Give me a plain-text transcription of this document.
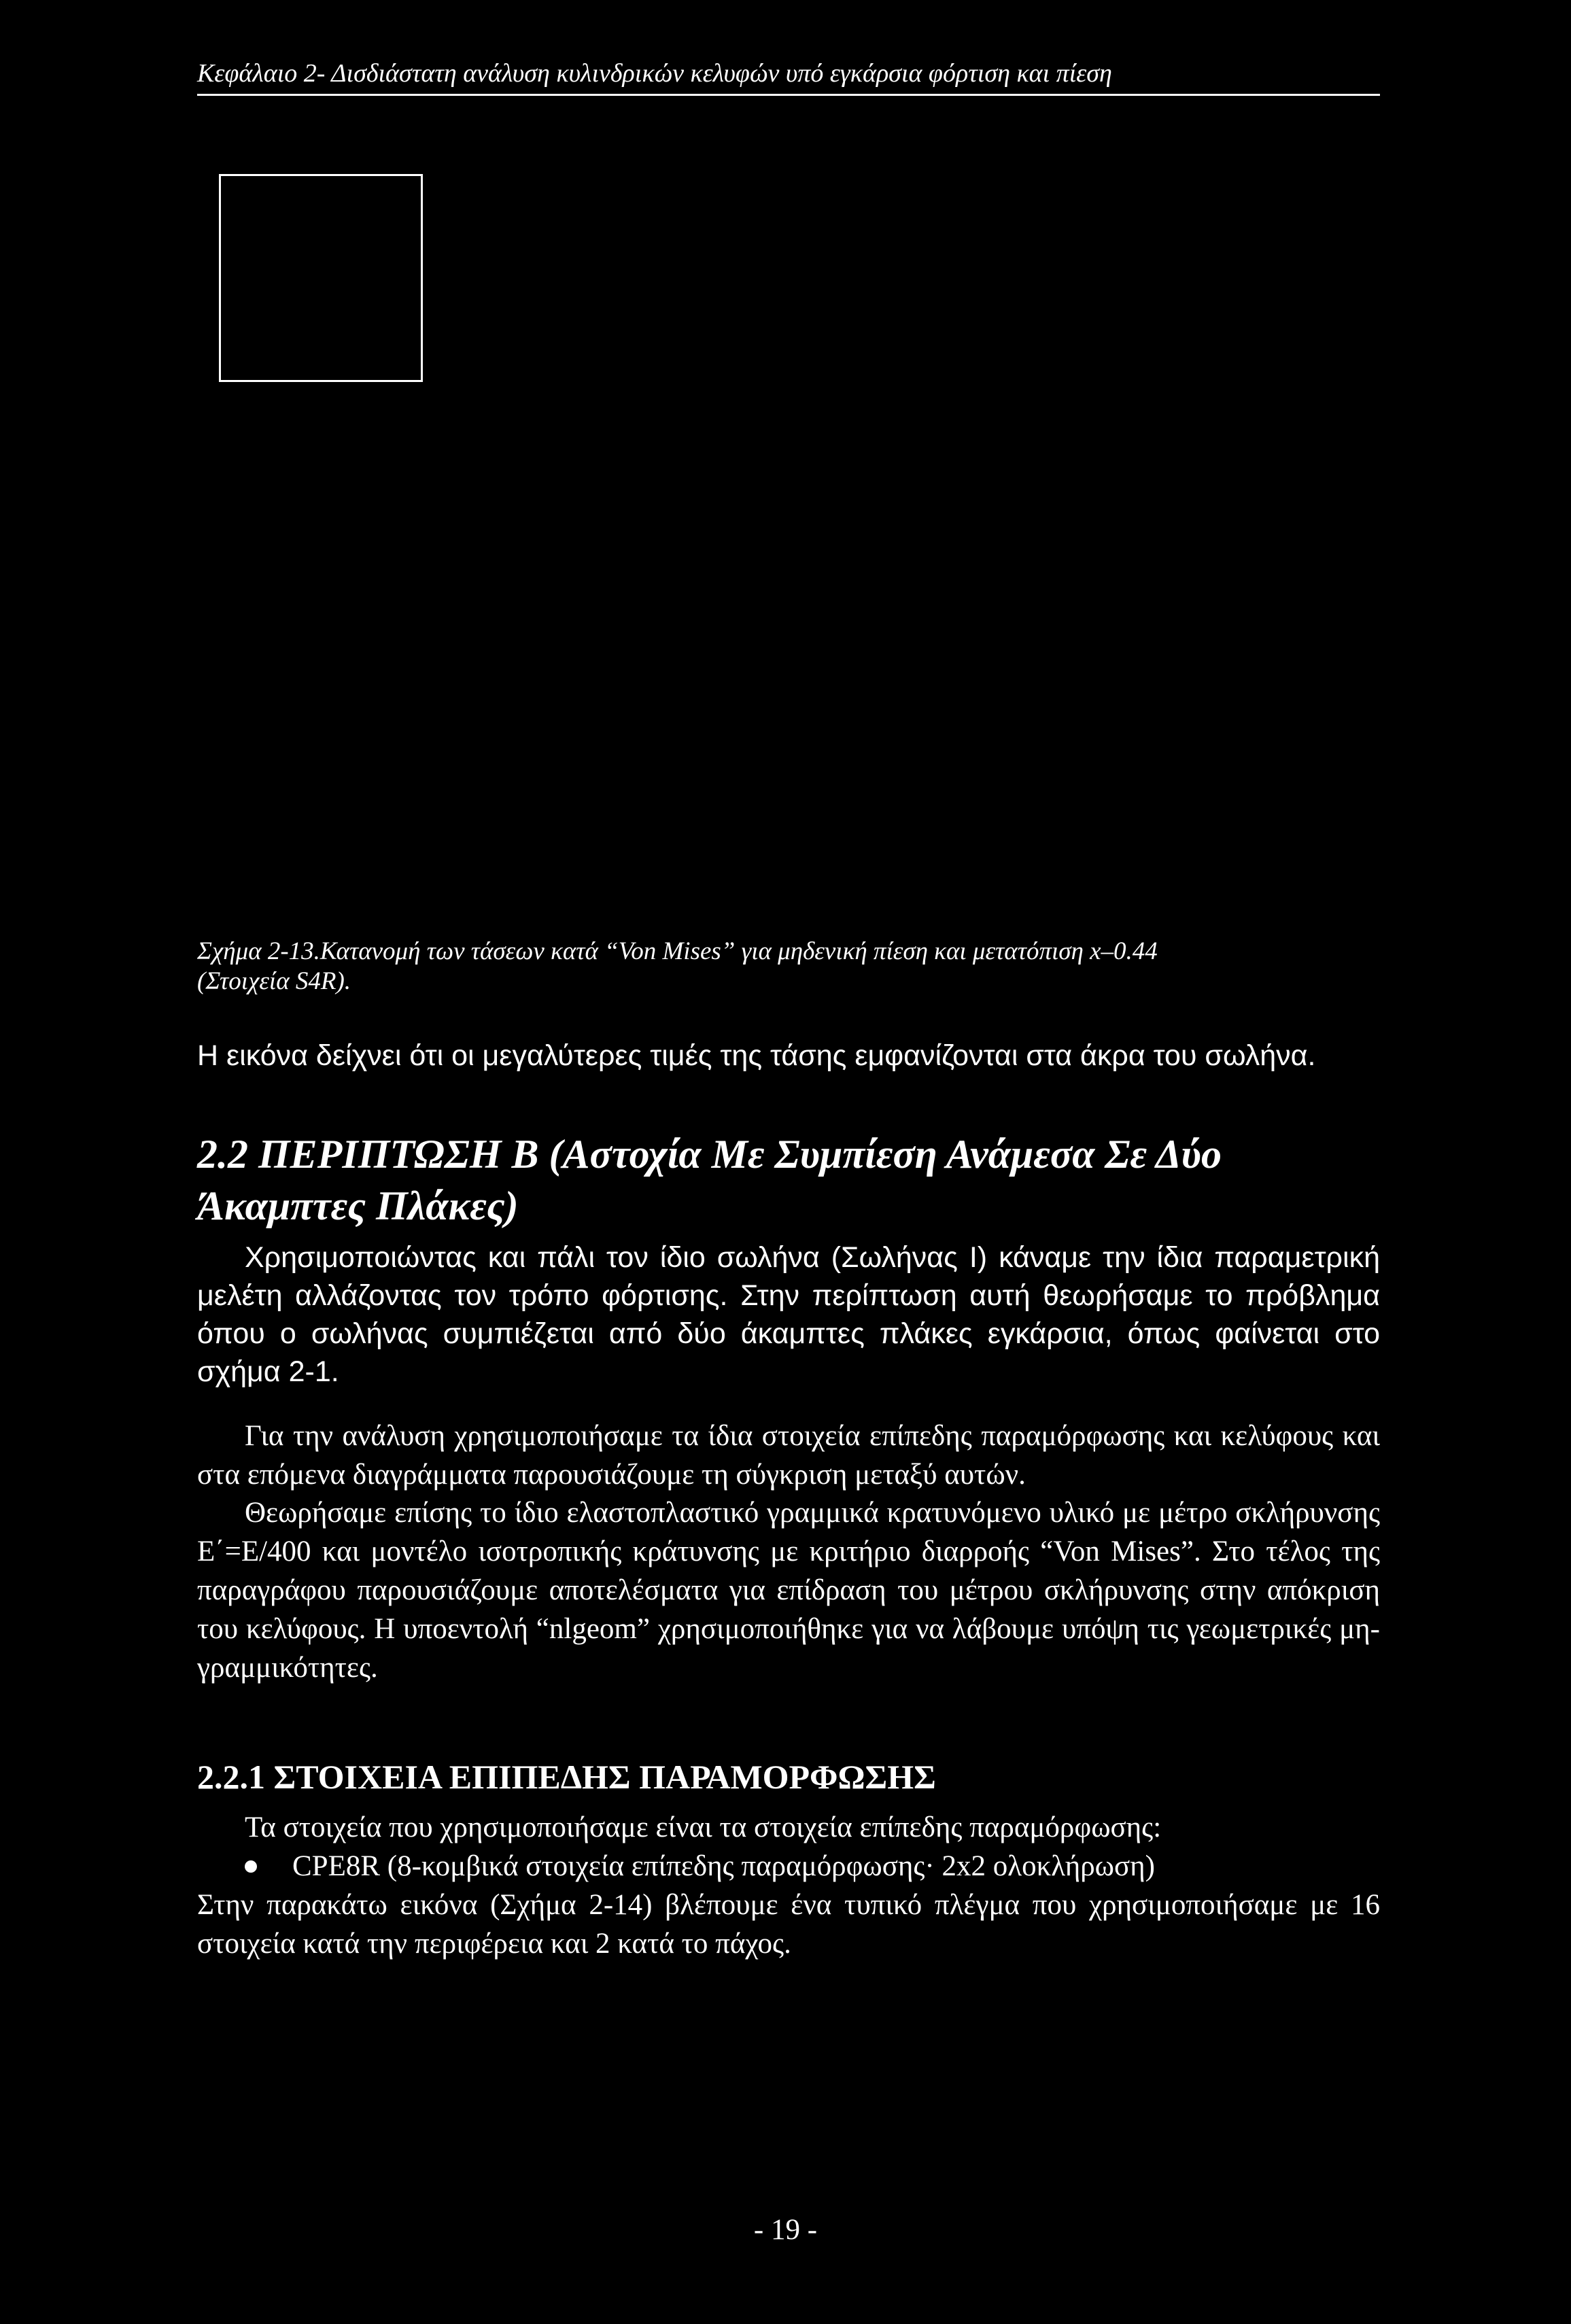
Κεφάλαιο 2- Δισδιάστατη ανάλυση κυλινδρικών κελυφών υπό εγκάρσια φόρτιση και πίεση
Σχήμα 2-13.Κατανομή των τάσεων κατά “Von Mises” για μηδενική πίεση και μετατόπιση x–0.44
(Στοιχεία S4R).

Η εικόνα δείχνει ότι οι μεγαλύτερες τιμές της τάσης εμφανίζονται στα άκρα του σωλήνα.

2.2 ΠΕΡΙΠΤΩΣΗ Β (Αστοχία Με Συμπίεση Ανάμεσα Σε Δύο Άκαμπτες Πλάκες)
Χρησιμοποιώντας και πάλι τον ίδιο σωλήνα (Σωλήνας Ι) κάναμε την ίδια παραμετρική μελέτη αλλάζοντας τον τρόπο φόρτισης. Στην περίπτωση αυτή θεωρήσαμε το πρόβλημα όπου ο σωλήνας συμπιέζεται από δύο άκαμπτες πλάκες εγκάρσια, όπως φαίνεται στο σχήμα 2-1.
Για την ανάλυση χρησιμοποιήσαμε τα ίδια στοιχεία επίπεδης παραμόρφωσης και κελύφους και στα επόμενα διαγράμματα παρουσιάζουμε τη σύγκριση μεταξύ αυτών.
Θεωρήσαμε επίσης το ίδιο ελαστοπλαστικό γραμμικά κρατυνόμενο υλικό με μέτρο σκλήρυνσης E΄=E/400 και μοντέλο ισοτροπικής κράτυνσης με κριτήριο διαρροής “Von Mises”. Στο τέλος της παραγράφου παρουσιάζουμε αποτελέσματα για επίδραση του μέτρου σκλήρυνσης στην απόκριση του κελύφους. Η υποεντολή “nlgeom” χρησιμοποιήθηκε για να λάβουμε υπόψη τις γεωμετρικές μη-γραμμικότητες.
2.2.1 ΣΤΟΙΧΕΙΑ ΕΠΙΠΕΔΗΣ ΠΑΡΑΜΟΡΦΩΣΗΣ
Τα στοιχεία που χρησιμοποιήσαμε είναι τα στοιχεία επίπεδης παραμόρφωσης:
CPE8R (8-κομβικά στοιχεία επίπεδης παραμόρφωσης· 2x2 ολοκλήρωση)
Στην παρακάτω εικόνα (Σχήμα 2-14) βλέπουμε ένα τυπικό πλέγμα που χρησιμοποιήσαμε με 16 στοιχεία κατά την περιφέρεια και 2 κατά το πάχος.
- 19 -
